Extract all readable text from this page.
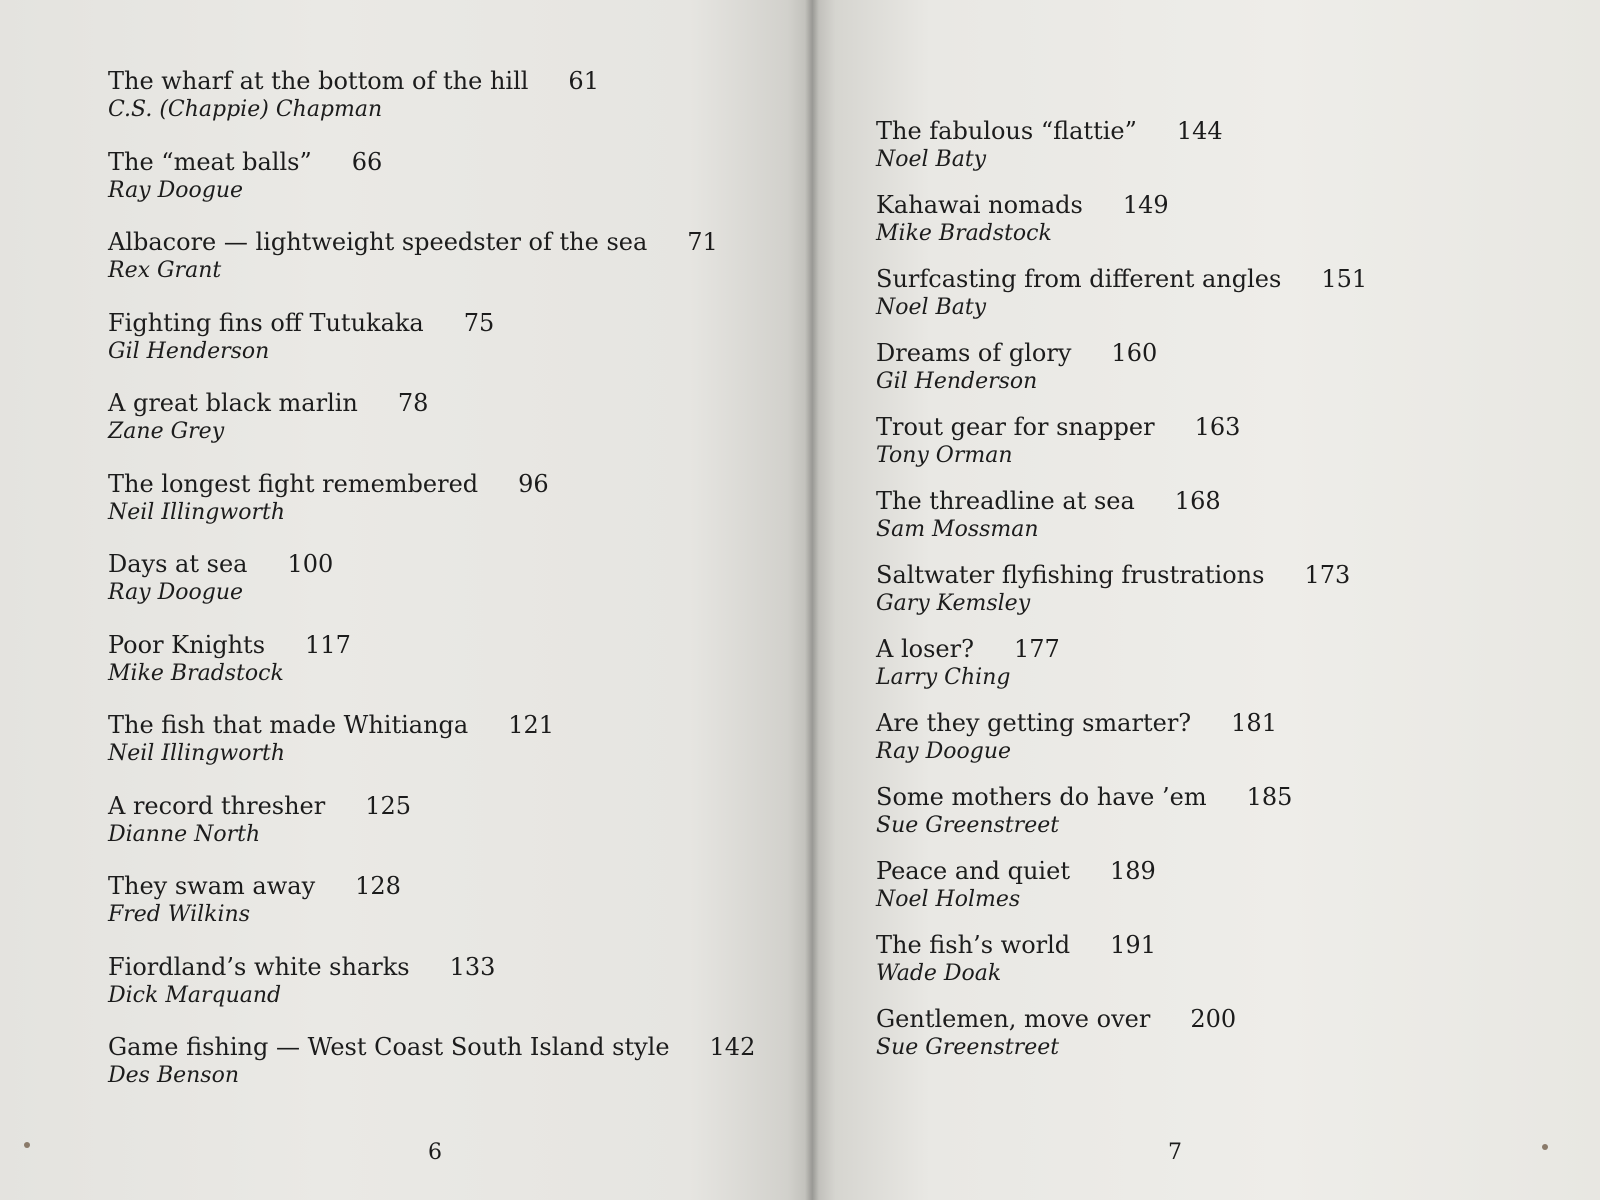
The wharf at the bottom of the hill 61
C.S. (Chappie) Chapman
The “meat balls” 66
Ray Doogue
Albacore — lightweight speedster of the sea 71
Rex Grant
Fighting fins off Tutukaka 75
Gil Henderson
A great black marlin 78
Zane Grey
The longest fight remembered 96
Neil Illingworth
Days at sea 100
Ray Doogue
Poor Knights 117
Mike Bradstock
The fish that made Whitianga 121
Neil Illingworth
A record thresher 125
Dianne North
They swam away 128
Fred Wilkins
Fiordland’s white sharks 133
Dick Marquand
Game fishing — West Coast South Island style 142
Des Benson
6
The fabulous “flattie” 144
Noel Baty
Kahawai nomads 149
Mike Bradstock
Surfcasting from different angles 151
Noel Baty
Dreams of glory 160
Gil Henderson
Trout gear for snapper 163
Tony Orman
The threadline at sea 168
Sam Mossman
Saltwater flyfishing frustrations 173
Gary Kemsley
A loser? 177
Larry Ching
Are they getting smarter? 181
Ray Doogue
Some mothers do have ’em 185
Sue Greenstreet
Peace and quiet 189
Noel Holmes
The fish’s world 191
Wade Doak
Gentlemen, move over 200
Sue Greenstreet
7
